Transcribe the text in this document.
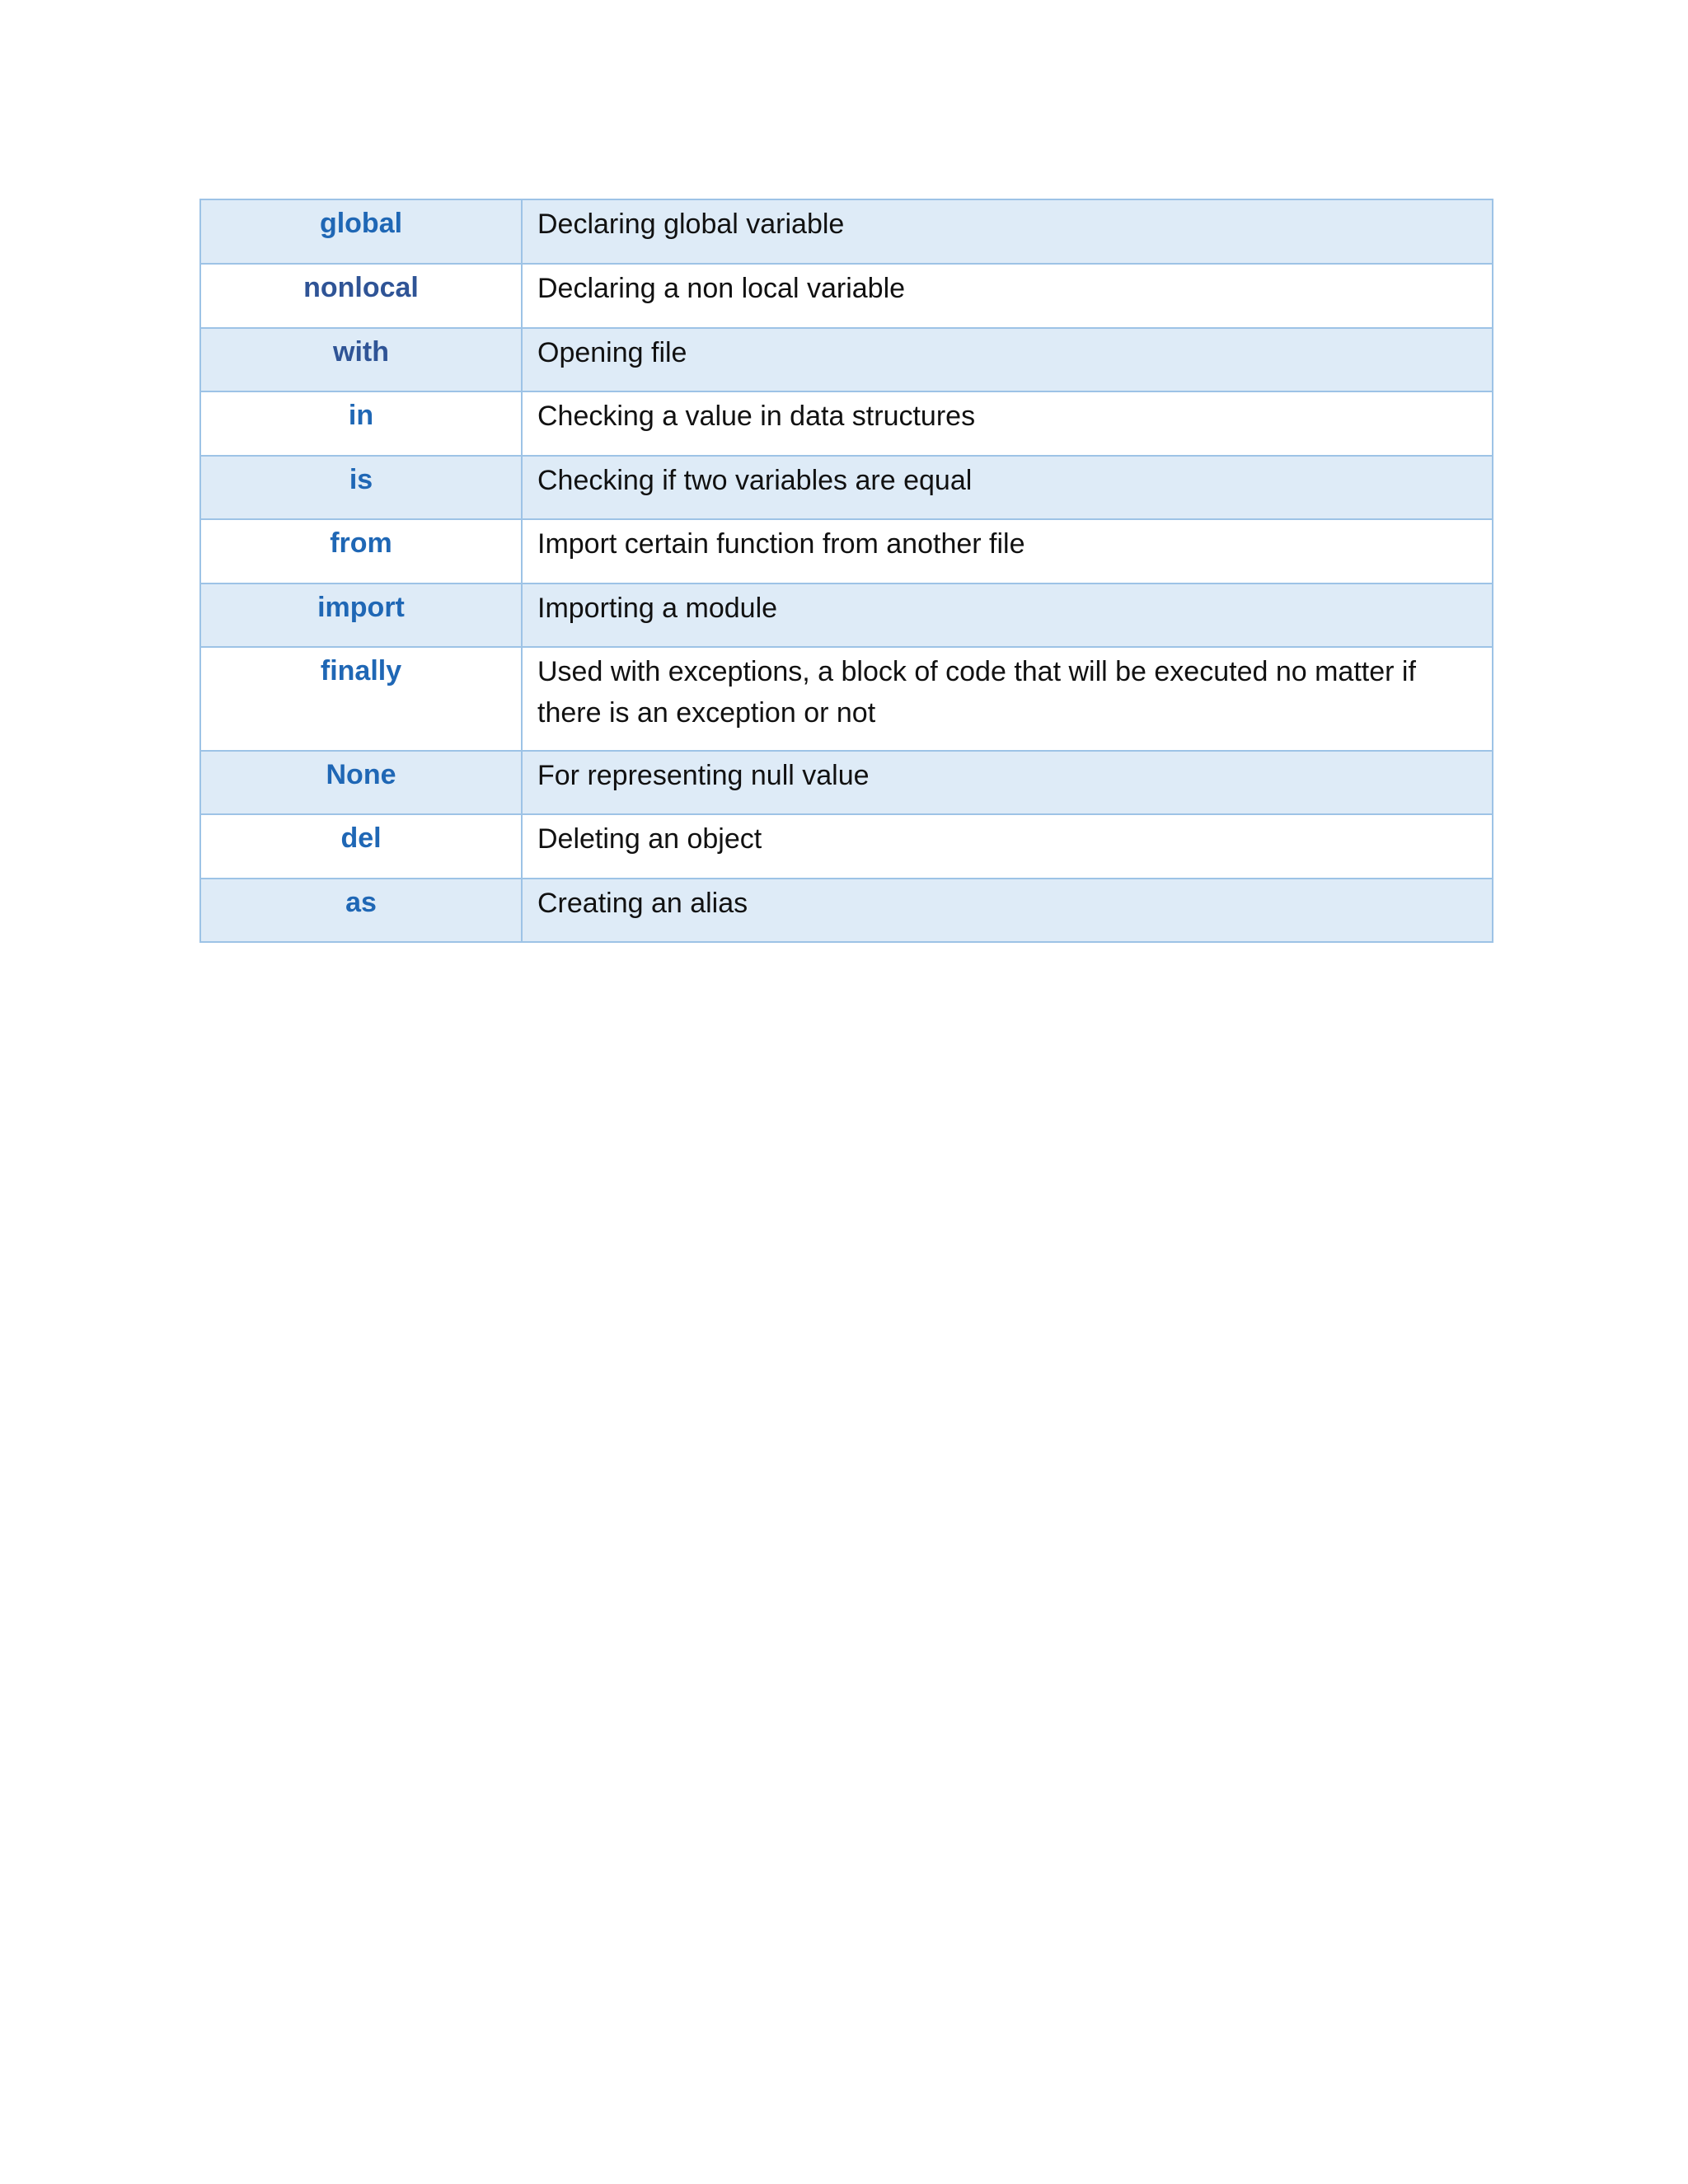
global	Declaring global variable
nonlocal	Declaring a non local variable
with	Opening file
in	Checking a value in data structures
is	Checking if two variables are equal
from	Import certain function from another file
import	Importing a module
finally	Used with exceptions, a block of code that will be executed no matter if there is an exception or not
None	For representing null value
del	Deleting an object
as	Creating an alias
